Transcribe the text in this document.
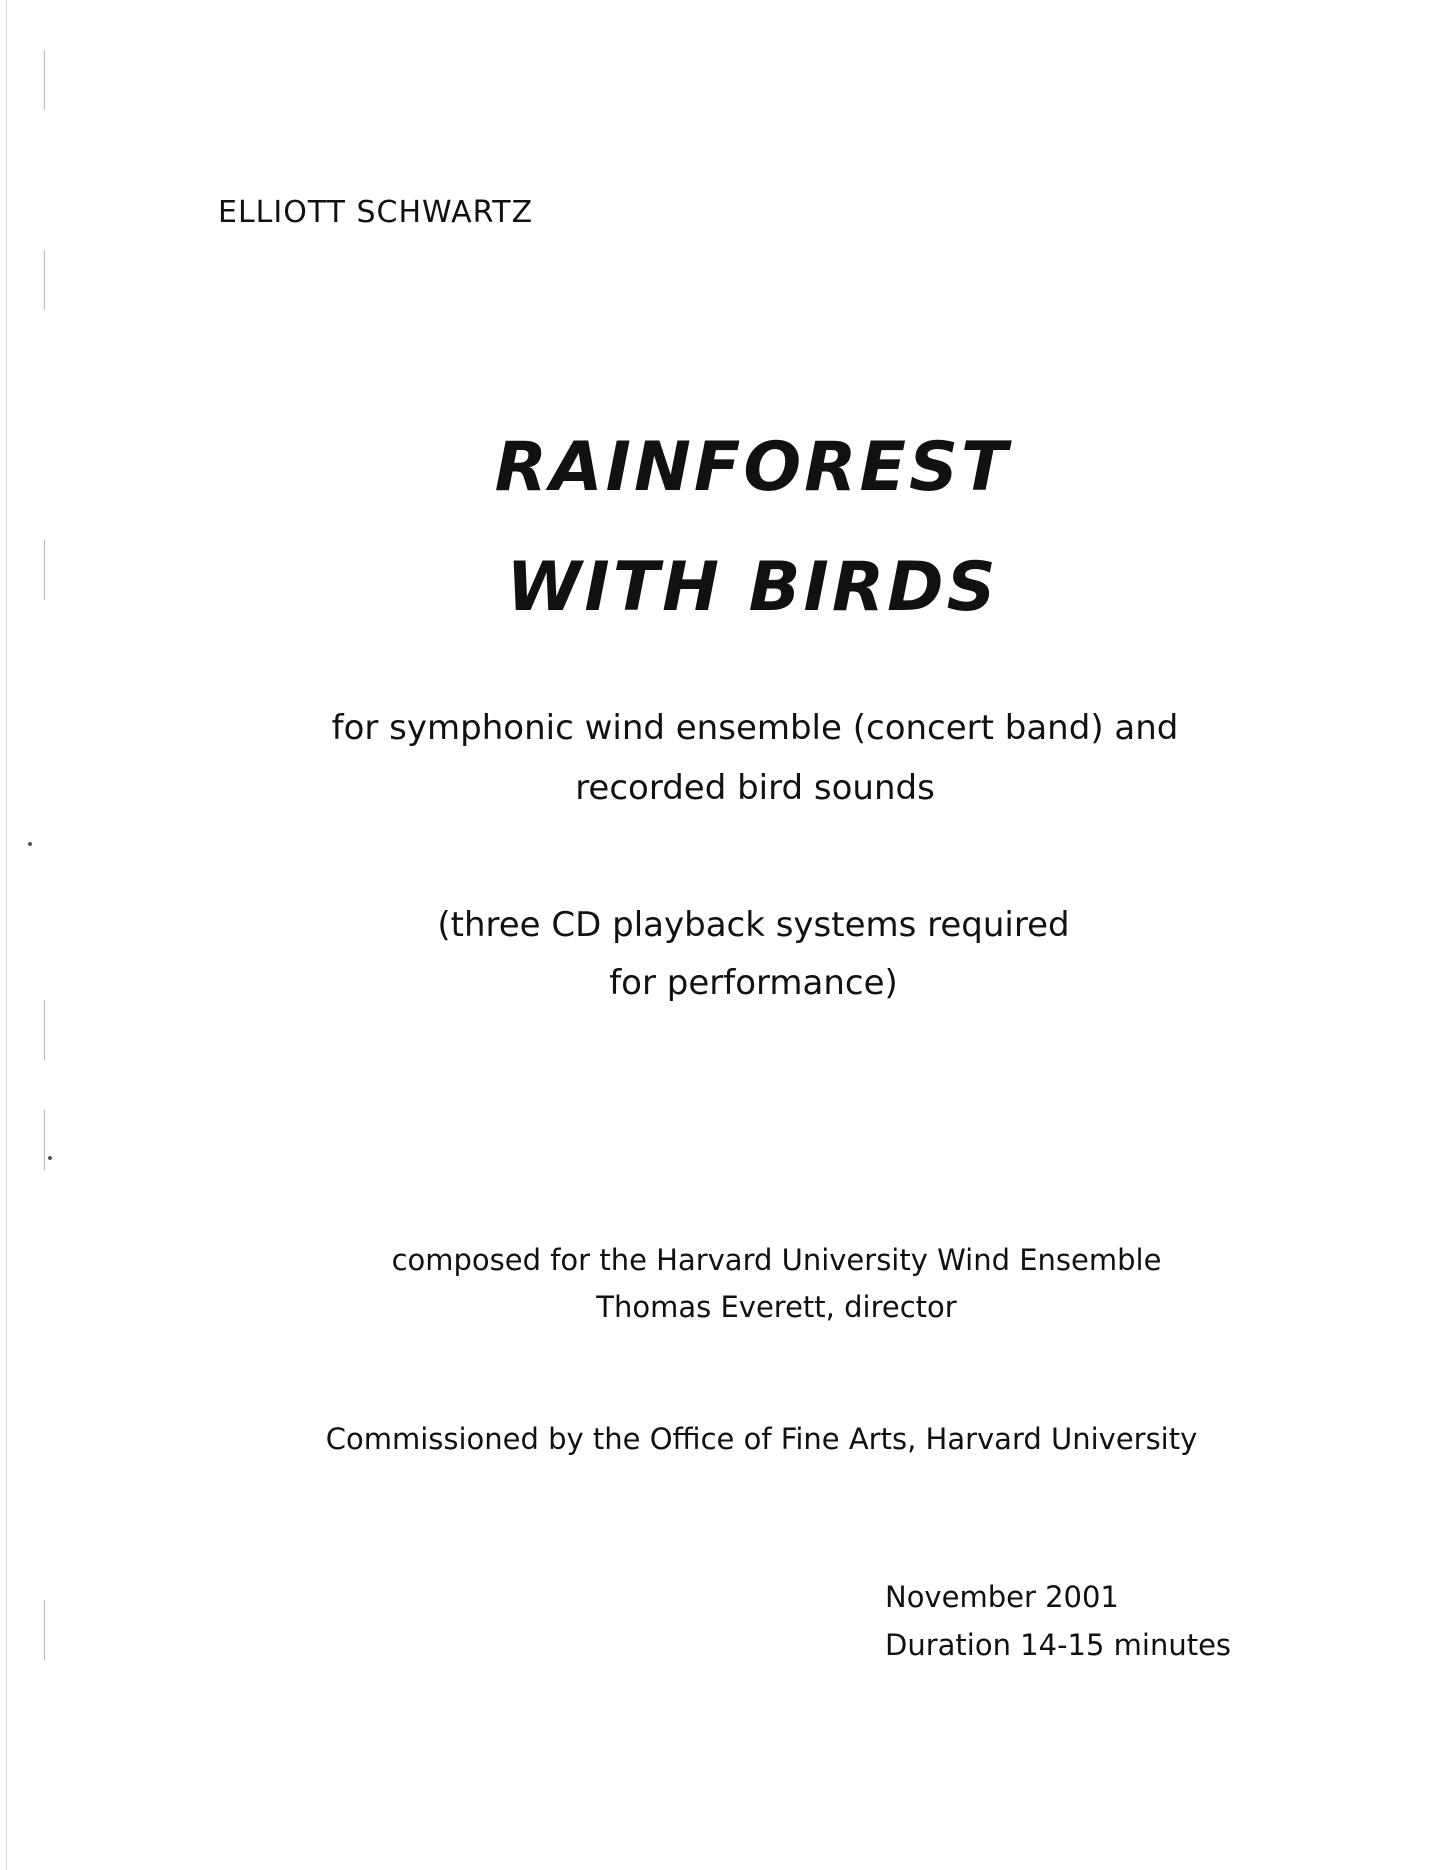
ELLIOTT SCHWARTZ
RAINFOREST
WITH BIRDS
for symphonic wind ensemble (concert band) and
recorded bird sounds
(three CD playback systems required
for performance)
composed for the Harvard University Wind Ensemble
Thomas Everett, director
Commissioned by the Office of Fine Arts, Harvard University
November 2001
Duration 14-15 minutes
